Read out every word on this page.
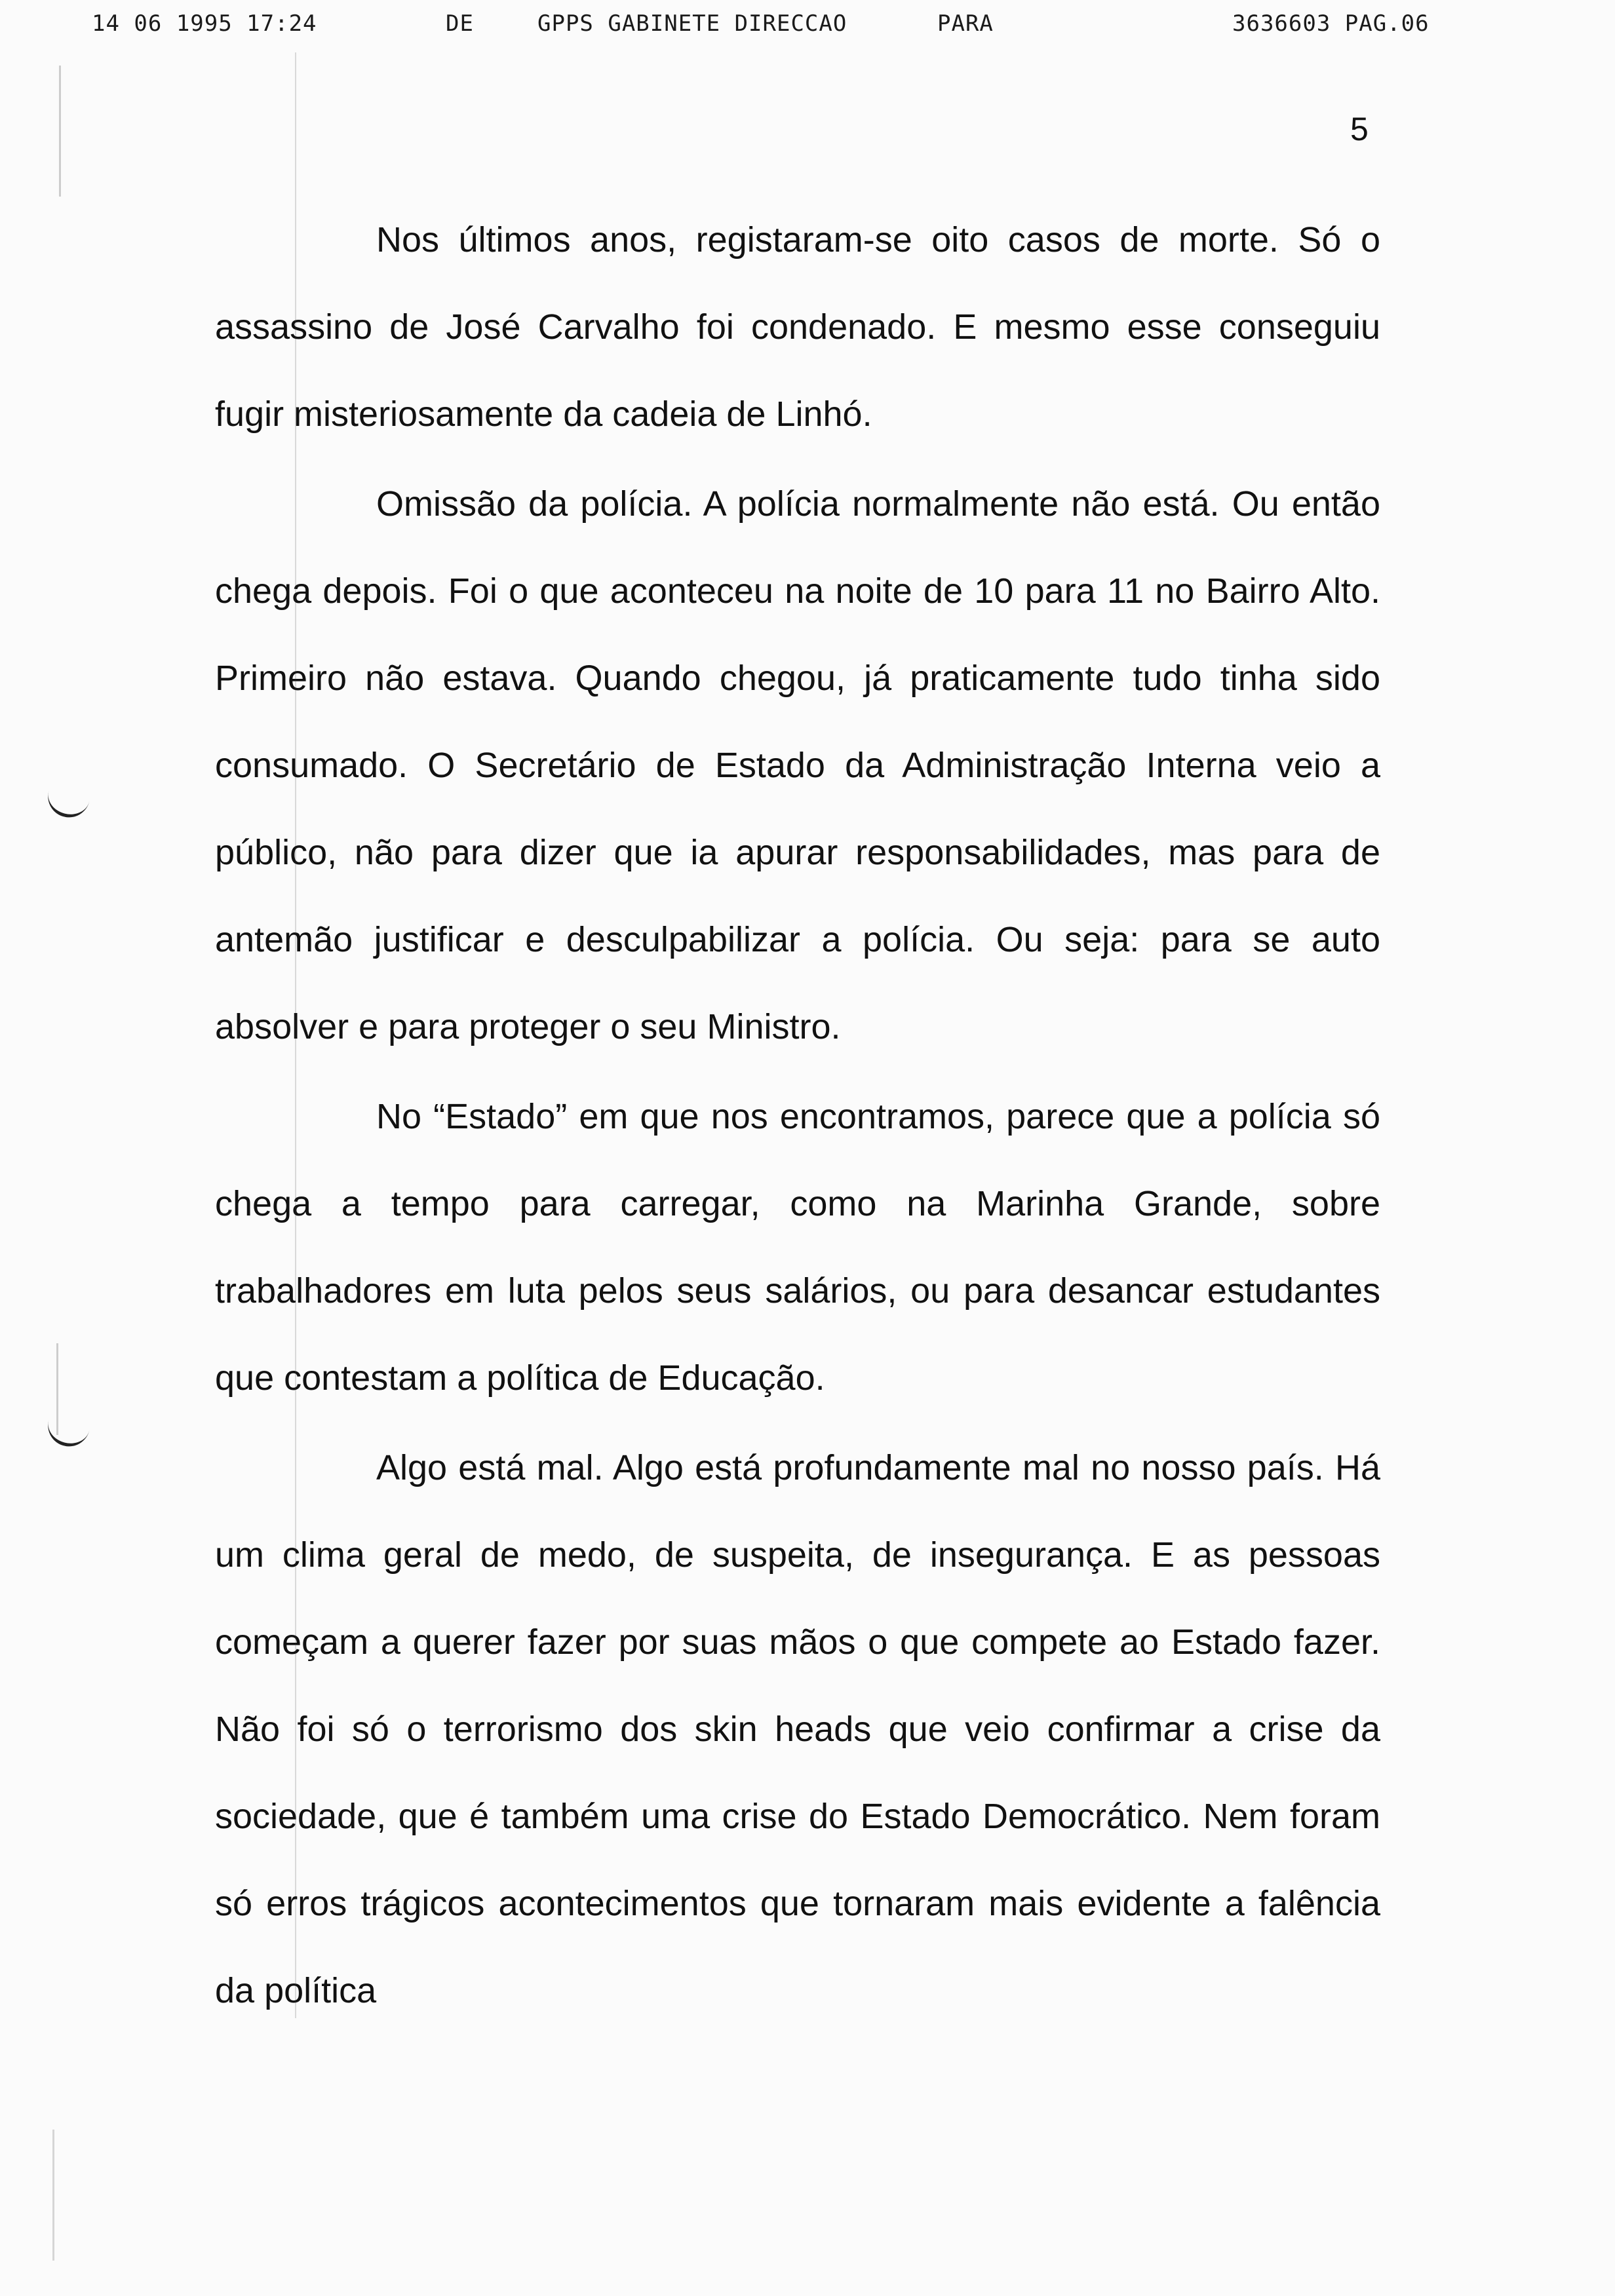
14 06 1995 17:24	DE	GPPS GABINETE DIRECCAO	PARA	3636603 PAG.06
5

Nos últimos anos, registaram-se oito casos de morte. Só o assassino de José Carvalho foi condenado. E mesmo esse conseguiu fugir misteriosamente da cadeia de Linhó.

Omissão da polícia. A polícia normalmente não está. Ou então chega depois. Foi o que aconteceu na noite de 10 para 11 no Bairro Alto. Primeiro não estava. Quando chegou, já praticamente tudo tinha sido consumado. O Secretário de Estado da Administração Interna veio a público, não para dizer que ia apurar responsabilidades, mas para de antemão justificar e desculpabilizar a polícia. Ou seja: para se auto absolver e para proteger o seu Ministro.

No “Estado” em que nos encontramos, parece que a polícia só chega a tempo para carregar, como na Marinha Grande, sobre trabalhadores em luta pelos seus salários, ou para desancar estudantes que contestam a política de Educação.

Algo está mal. Algo está profundamente mal no nosso país. Há um clima geral de medo, de suspeita, de insegurança. E as pessoas começam a querer fazer por suas mãos o que compete ao Estado fazer. Não foi só o terrorismo dos skin heads que veio confirmar a crise da sociedade, que é também uma crise do Estado Democrático. Nem foram só erros trágicos acontecimentos que tornaram mais evidente a falência da política
